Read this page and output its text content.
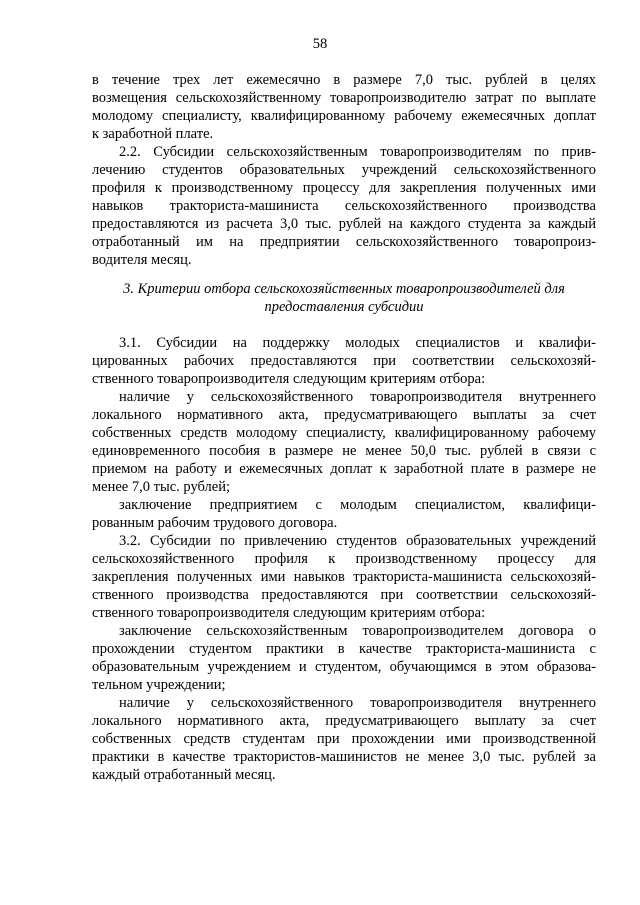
58
в течение трех лет ежемесячно в размере 7,0 тыс. рублей в целях
возмещения сельскохозяйственному товаропроизводителю затрат по выплате
молодому специалисту, квалифицированному рабочему ежемесячных доплат
к заработной плате.
2.2. Субсидии сельскохозяйственным товаропроизводителям по прив-
лечению студентов образовательных учреждений сельскохозяйственного
профиля к производственному процессу для закрепления полученных ими
навыков тракториста-машиниста сельскохозяйственного производства
предоставляются из расчета 3,0 тыс. рублей на каждого студента за каждый
отработанный им на предприятии сельскохозяйственного товаропроиз-
водителя месяц.
3. Критерии отбора сельскохозяйственных товаропроизводителей для
предоставления субсидии
3.1. Субсидии на поддержку молодых специалистов и квалифи-
цированных рабочих предоставляются при соответствии сельскохозяй-
ственного товаропроизводителя следующим критериям отбора:
наличие у сельскохозяйственного товаропроизводителя внутреннего
локального нормативного акта, предусматривающего выплаты за счет
собственных средств молодому специалисту, квалифицированному рабочему
единовременного пособия в размере не менее 50,0 тыс. рублей в связи с
приемом на работу и ежемесячных доплат к заработной плате в размере не
менее 7,0 тыс. рублей;
заключение предприятием с молодым специалистом, квалифици-
рованным рабочим трудового договора.
3.2. Субсидии по привлечению студентов образовательных учреждений
сельскохозяйственного профиля к производственному процессу для
закрепления полученных ими навыков тракториста-машиниста сельскохозяй-
ственного производства предоставляются при соответствии сельскохозяй-
ственного товаропроизводителя следующим критериям отбора:
заключение сельскохозяйственным товаропроизводителем договора о
прохождении студентом практики в качестве тракториста-машиниста с
образовательным учреждением и студентом, обучающимся в этом образова-
тельном учреждении;
наличие у сельскохозяйственного товаропроизводителя внутреннего
локального нормативного акта, предусматривающего выплату за счет
собственных средств студентам при прохождении ими производственной
практики в качестве трактористов-машинистов не менее 3,0 тыс. рублей за
каждый отработанный месяц.
